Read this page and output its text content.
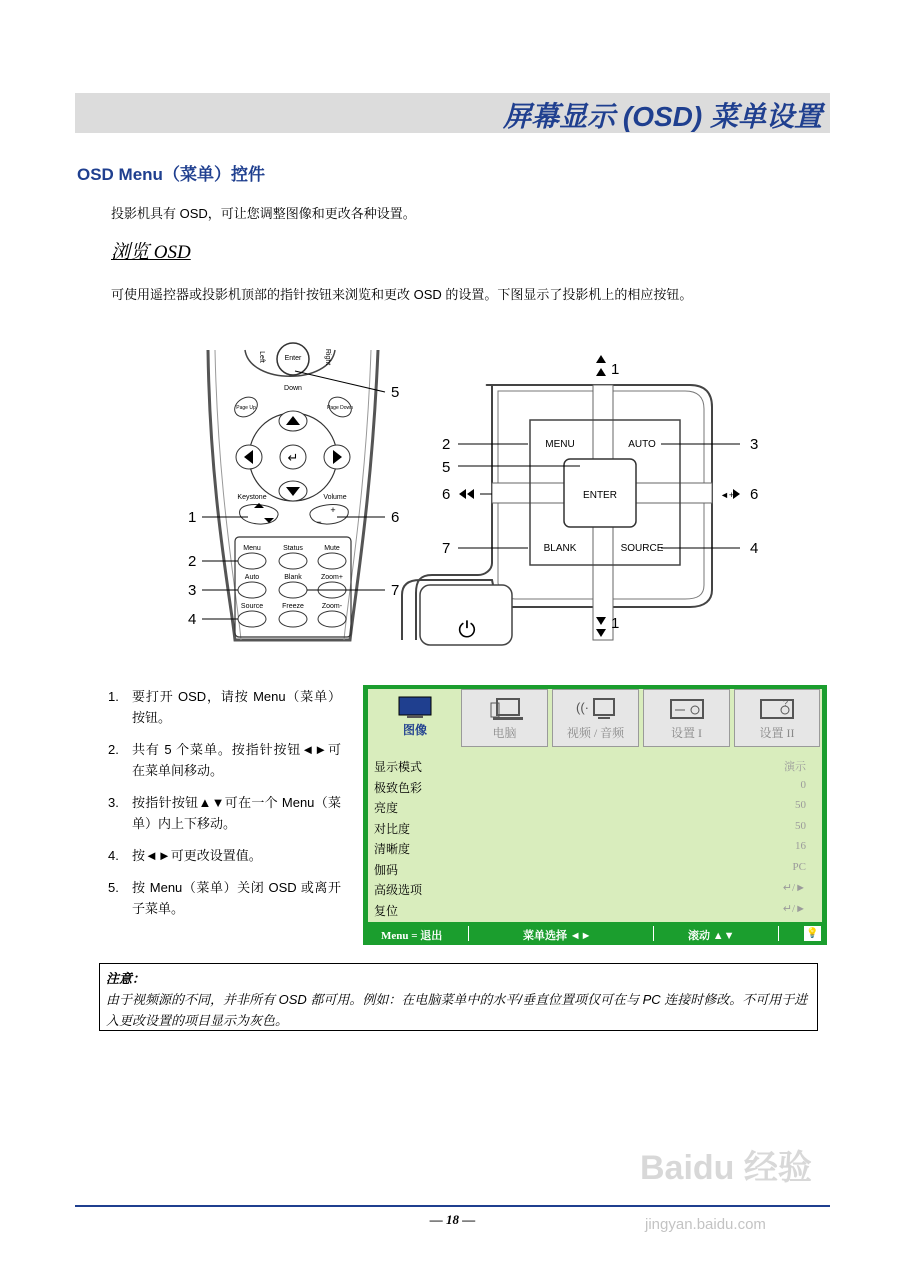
屏幕显示 (OSD) 菜单设置
OSD Menu（菜单）控件
投影机具有 OSD，可让您调整图像和更改各种设置。
浏览 OSD
可使用遥控器或投影机顶部的指针按钮来浏览和更改 OSD 的设置。下图显示了投影机上的相应按钮。
Enter
Left	Right
Down
Page Up	Page Down
↵
Keystone	Volume
−
+
Menu	Status	Mute
Auto	Blank	Zoom+
Source	Freeze	Zoom-
5
1	6
2
3	7
4
ENTER
MENU	AUTO
BLANK	SOURCE
⏻
1
1
2	3
5
6	6
◄+
7	4
1. 要打开 OSD，请按 Menu（菜单）按钮。
2. 共有 5 个菜单。按指针按钮◄►可在菜单间移动。
3. 按指针按钮▲▼可在一个 Menu（菜单）内上下移动。
4. 按◄►可更改设置值。
5. 按 Menu（菜单）关闭 OSD 或离开子菜单。
图像	电脑
((·
视频 / 音频	设置 I
?
设置 II
显示模式	演示
极致色彩	0
亮度	50
对比度	50
清晰度	16
伽码	PC
高级选项	↵/►
复位	↵/►
Menu = 退出	菜单选择 ◄►	滚动 ▲▼	💡
注意：
由于视频源的不同，并非所有 OSD 都可用。例如：在电脑菜单中的水平/垂直位置项仅可在与 PC 连接时修改。不可用于进入更改设置的项目显示为灰色。
Baidu 经验
jingyan.baidu.com
— 18 —
